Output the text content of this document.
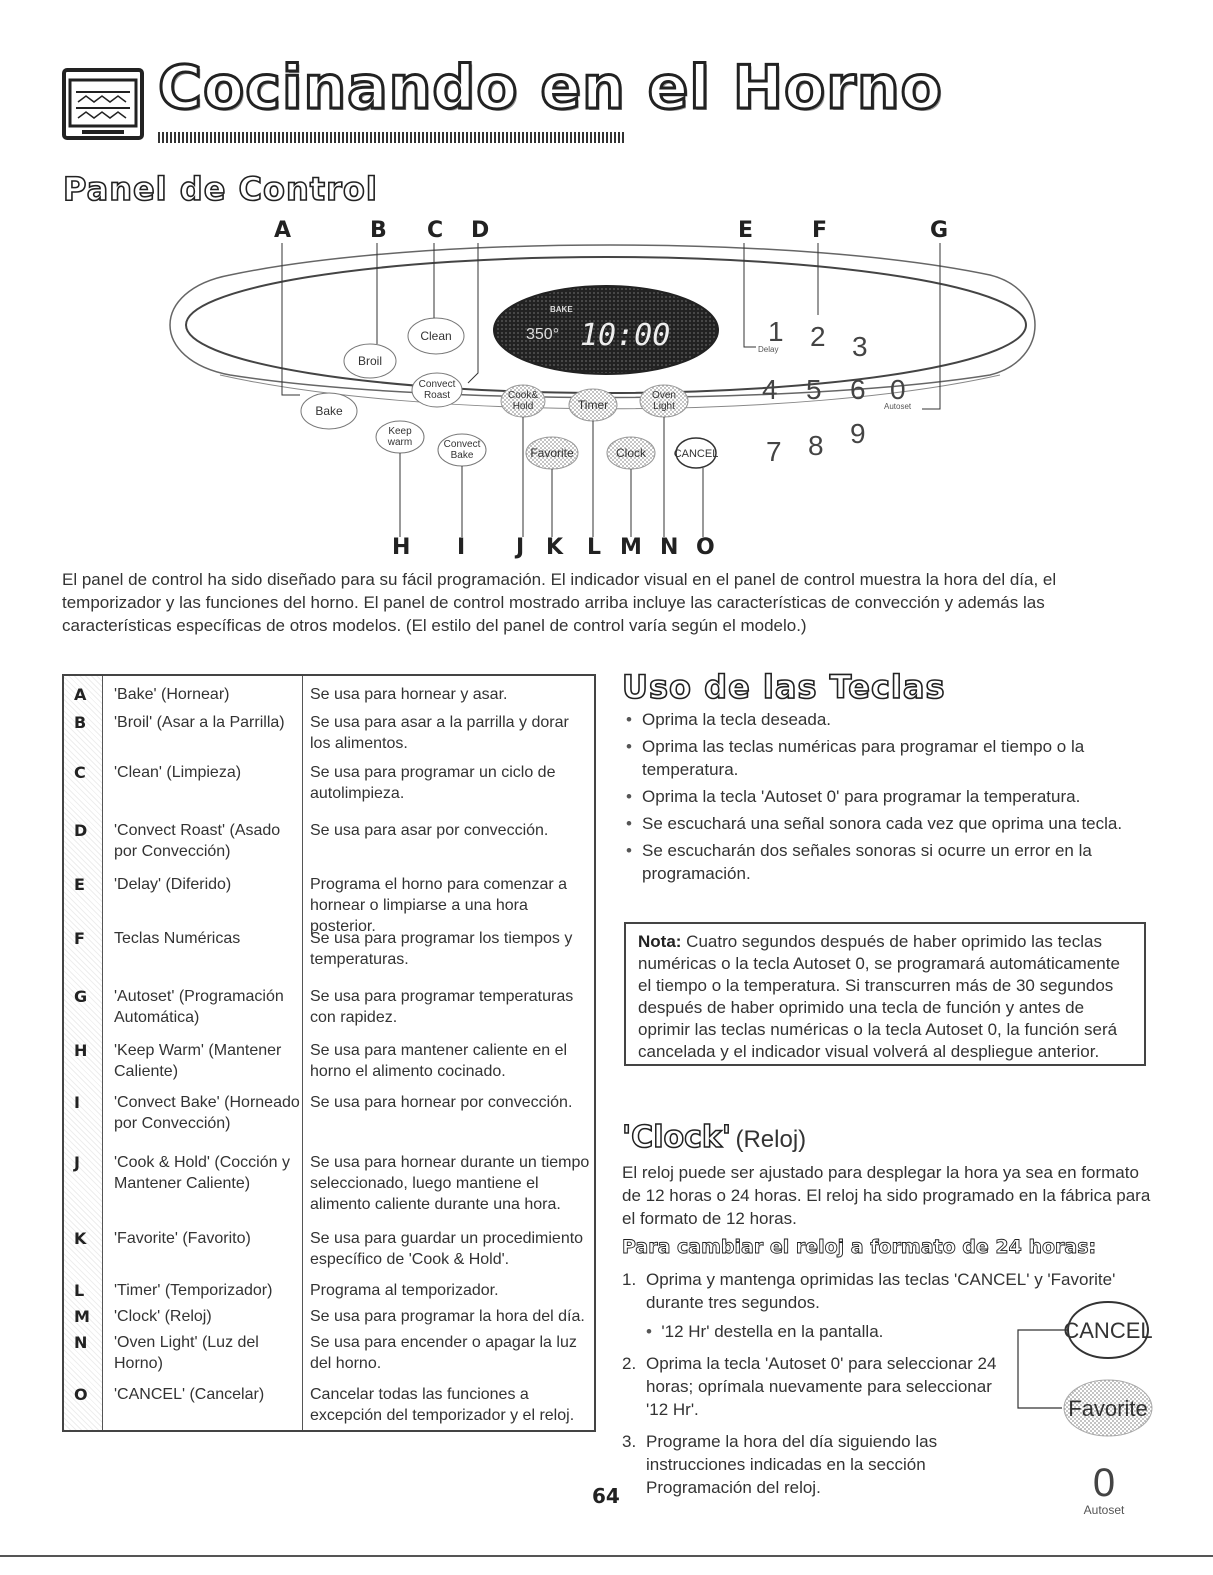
Cocinando en el Horno
Panel de Control
A	B C D	E	F	G
BAKE
350° 10:00
Clean
Broil
Bake
Convect
Roast
Keep
warm	Convect
Bake
Cook&
Hold	Timer
Oven
Light
Favorite	Clock	CANCEL
1
Delay 2 3
4 5 6 0
Autoset
7 8 9
H I J K L M N O
El panel de control ha sido diseñado para su fácil programación. El indicador visual en el panel de control muestra la hora del día, el temporizador y las funciones del horno. El panel de control mostrado arriba incluye las características de convección y además las características específicas de otros modelos. (El estilo del panel de control varía según el modelo.)
A 'Bake' (Hornear)	Se usa para hornear y asar.
B 'Broil' (Asar a la Parrilla)	Se usa para asar a la parrilla y dorar los alimentos.
C 'Clean' (Limpieza)	Se usa para programar un ciclo de autolimpieza.
D 'Convect Roast' (Asado por Convección)
Se usa para asar por convección.
E 'Delay' (Diferido)	Programa el horno para comenzar a hornear o limpiarse a una hora posterior.
F Teclas Numéricas	Se usa para programar los tiempos y temperaturas.
G 'Autoset' (Programación Automática)
Se usa para programar temperaturas con rapidez.
H 'Keep Warm' (Mantener Caliente)
Se usa para mantener caliente en el horno el alimento cocinado.
I 'Convect Bake' (Horneado por Convección)
Se usa para hornear por convección.
J 'Cook & Hold' (Cocción y Mantener Caliente)
Se usa para hornear durante un tiempo seleccionado, luego mantiene el alimento caliente durante una hora.
K 'Favorite' (Favorito)	Se usa para guardar un procedimiento específico de 'Cook & Hold'.
L 'Timer' (Temporizador)	Programa al temporizador.
M 'Clock' (Reloj)	Se usa para programar la hora del día.
N 'Oven Light' (Luz del Horno)
Se usa para encender o apagar la luz del horno.
O 'CANCEL' (Cancelar)	Cancelar todas las funciones a excepción del temporizador y el reloj.
Uso de las Teclas
• Oprima la tecla deseada.
• Oprima las teclas numéricas para programar el tiempo o la temperatura.
• Oprima la tecla 'Autoset 0' para programar la temperatura.
• Se escuchará una señal sonora cada vez que oprima una tecla.
• Se escucharán dos señales sonoras si ocurre un error en la programación.
Nota: Cuatro segundos después de haber oprimido las teclas numéricas o la tecla Autoset 0, se programará automáticamente el tiempo o la temperatura. Si transcurren más de 30 segundos después de haber oprimido una tecla de función y antes de oprimir las teclas numéricas o la tecla Autoset 0, la función será cancelada y el indicador visual volverá al despliegue anterior.
'Clock' (Reloj)
El reloj puede ser ajustado para desplegar la hora ya sea en formato de 12 horas o 24 horas. El reloj ha sido programado en la fábrica para el formato de 12 horas.
Para cambiar el reloj a formato de 24 horas:
1. Oprima y mantenga oprimidas las teclas 'CANCEL' y 'Favorite' durante tres segundos.
•  '12 Hr' destella en la pantalla.
2. Oprima la tecla 'Autoset 0' para seleccionar 24 horas; oprímala nuevamente para seleccionar '12 Hr'.
3. Programe la hora del día siguiendo las instrucciones indicadas en la sección Programación del reloj.
CANCEL
Favorite
0
Autoset
64
